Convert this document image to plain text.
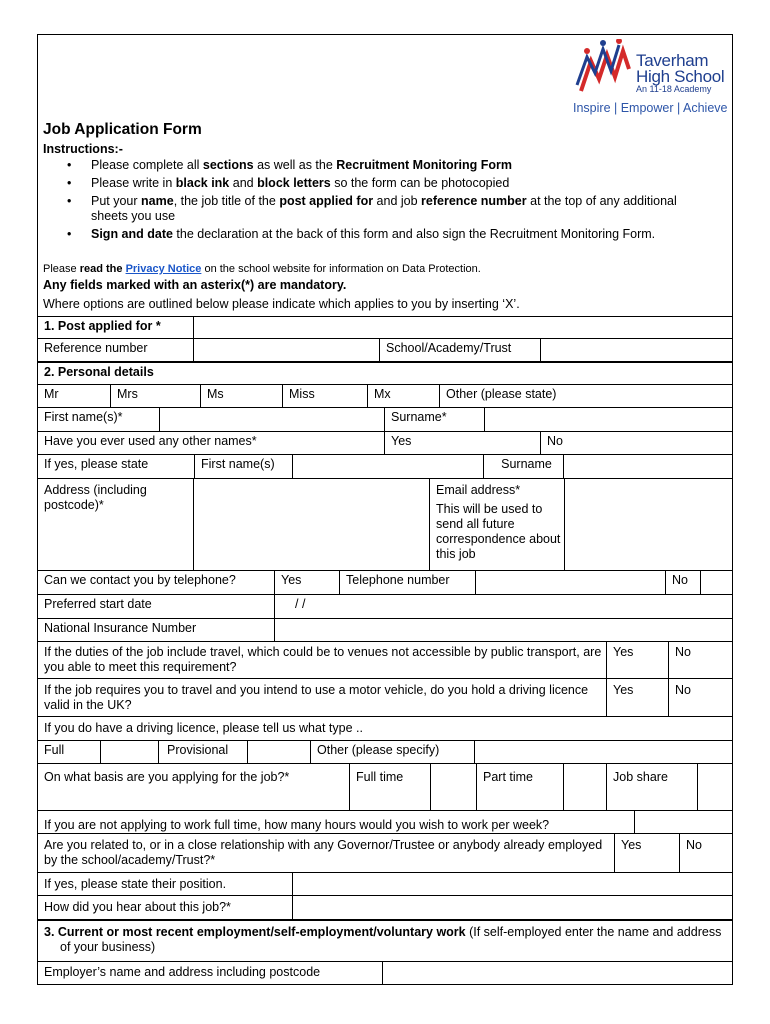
Taverham
High School
An 11-18 Academy
Inspire | Empower | Achieve
Job Application Form
Instructions:-
• Please complete all sections as well as the Recruitment Monitoring Form
• Please write in black ink and block letters so the form can be photocopied
• Put your name, the job title of the post applied for and job reference number at the top of any additional sheets you use
• Sign and date the declaration at the back of this form and also sign the Recruitment Monitoring Form.
Please read the Privacy Notice on the school website for information on Data Protection.
Any fields marked with an asterix(*) are mandatory.
Where options are outlined below please indicate which applies to you by inserting ‘X’.
1. Post applied for *
Reference number	School/Academy/Trust
2. Personal details
Mr	Mrs	Ms	Miss	Mx	Other (please state)
First name(s)*	Surname*
Have you ever used any other names*	Yes	No
If yes, please state	First name(s)	Surname
Address (including postcode)*
Email address*
This will be used to send all future correspondence about this job
Can we contact you by telephone?	Yes	Telephone number	No
Preferred start date	/ /
National Insurance Number
If the duties of the job include travel, which could be to venues not accessible by public transport, are you able to meet this requirement?
Yes	No
If the job requires you to travel and you intend to use a motor vehicle, do you hold a driving licence valid in the UK?
Yes	No
If you do have a driving licence, please tell us what type ..
Full	Provisional	Other (please specify)
On what basis are you applying for the job?*	Full time	Part time	Job share
If you are not applying to work full time, how many hours would you wish to work per week?
Are you related to, or in a close relationship with any Governor/Trustee or anybody already employed by the school/academy/Trust?*
Yes	No
If yes, please state their position.
How did you hear about this job?*
3. Current or most recent employment/self-employment/voluntary work (If self-employed enter the name and address of your business)
Employer’s name and address including postcode
